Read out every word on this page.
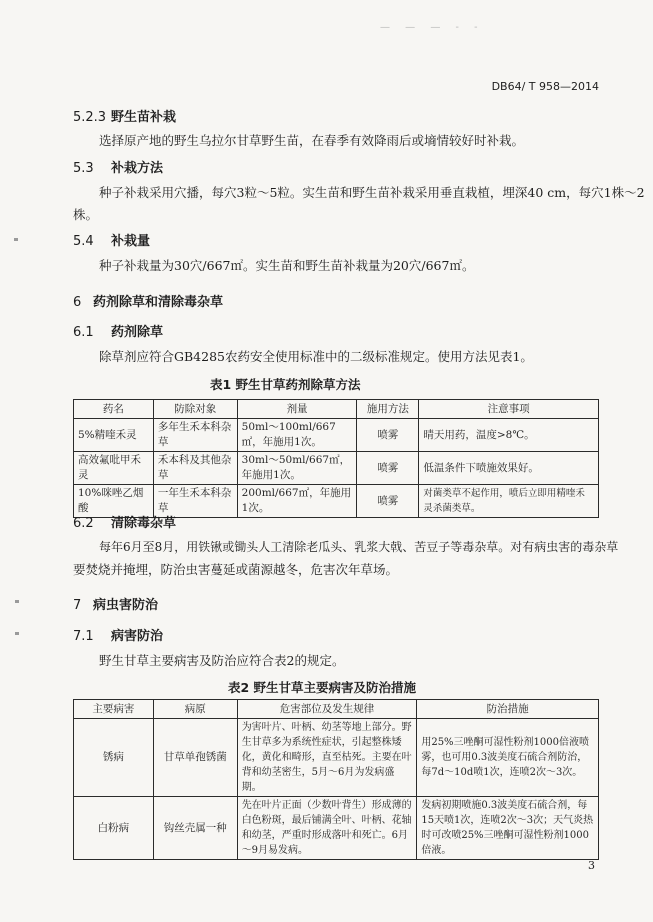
— — — - -
DB64/ T 958—2014
5.2.3 野生苗补栽
选择原产地的野生乌拉尔甘草野生苗，在春季有效降雨后或墒情较好时补栽。
5.3 补栽方法
种子补栽采用穴播，每穴3粒～5粒。实生苗和野生苗补栽采用垂直栽植，埋深40 cm，每穴1株～2
株。
5.4 补栽量
种子补栽量为30穴/667㎡。实生苗和野生苗补栽量为20穴/667㎡。
6 药剂除草和清除毒杂草
6.1 药剂除草
除草剂应符合GB4285农药安全使用标准中的二级标准规定。使用方法见表1。
表1 野生甘草药剂除草方法
药名	防除对象	剂量	施用方法	注意事项
5%精喹禾灵	多年生禾本科杂草	50ml～100ml/667㎡，年施用1次。	喷雾	晴天用药，温度>8℃。
高效氟吡甲禾灵	禾本科及其他杂草	30ml～50ml/667㎡，年施用1次。	喷雾	低温条件下喷施效果好。
10%咪唑乙烟酸	一年生禾本科杂草	200ml/667㎡，年施用1次。	喷雾	对菌类草不起作用，喷后立即用精喹禾灵杀菌类草。
6.2 清除毒杂草
每年6月至8月，用铁锹或锄头人工清除老瓜头、乳浆大戟、苦豆子等毒杂草。对有病虫害的毒杂草
要焚烧并掩埋，防治虫害蔓延或菌源越冬，危害次年草场。
7 病虫害防治
7.1 病害防治
野生甘草主要病害及防治应符合表2的规定。
表2 野生甘草主要病害及防治措施
主要病害	病原	危害部位及发生规律	防治措施
锈病	甘草单孢锈菌	为害叶片、叶柄、幼茎等地上部分。野生甘草多为系统性症状，引起整株矮化，黄化和畸形，直至枯死。主要在叶背和幼茎密生，5月～6月为发病盛期。	用25%三唑酮可湿性粉剂1000倍液喷雾，也可用0.3波美度石硫合剂防治，每7d～10d喷1次，连喷2次～3次。
白粉病	钩丝壳属一种	先在叶片正面（少数叶背生）形成薄的白色粉斑，最后铺满全叶、叶柄、花轴和幼茎，严重时形成落叶和死亡。6月～9月易发病。	发病初期喷施0.3波美度石硫合剂，每15天喷1次，连喷2次～3次；天气炎热时可改喷25%三唑酮可湿性粉剂1000倍液。
3
